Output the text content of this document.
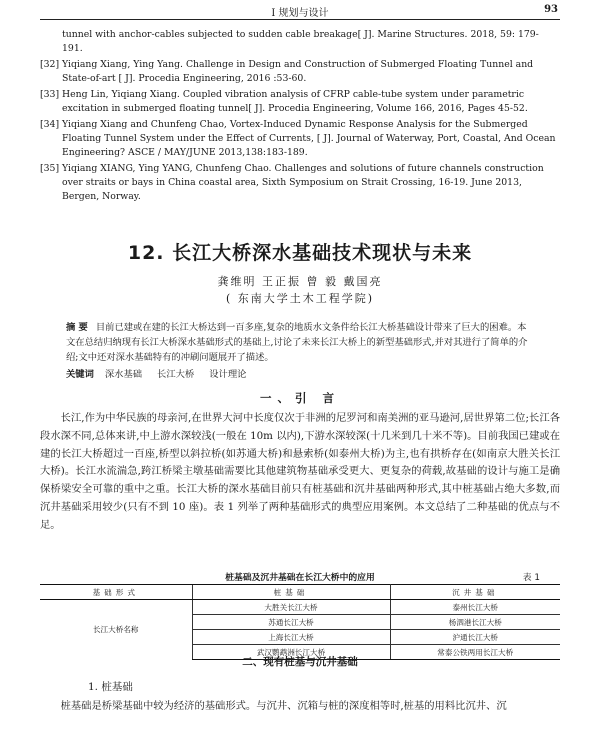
Ⅰ 规划与设计	93
tunnel with anchor-cables subjected to sudden cable breakage[ J]. Marine Structures. 2018, 59: 179-191.
[32] Yiqiang Xiang, Ying Yang. Challenge in Design and Construction of Submerged Floating Tunnel and State-of-art [ J]. Procedia Engineering, 2016 :53-60.
[33] Heng Lin, Yiqiang Xiang. Coupled vibration analysis of CFRP cable-tube system under parametric excitation in submerged floating tunnel[ J]. Procedia Engineering, Volume 166, 2016, Pages 45-52.
[34] Yiqiang Xiang and Chunfeng Chao, Vortex-Induced Dynamic Response Analysis for the Submerged Floating Tunnel System under the Effect of Currents, [ J]. Journal of Waterway, Port, Coastal, And Ocean Engineering? ASCE / MAY/JUNE 2013,138:183-189.
[35] Yiqiang XIANG, Ying YANG, Chunfeng Chao. Challenges and solutions of future channels construction over straits or bays in China coastal area, Sixth Symposium on Strait Crossing, 16-19. June 2013, Bergen, Norway.
12. 长江大桥深水基础技术现状与未来
龚维明 王正振 曾 毅 戴国亮
( 东南大学土木工程学院)
摘 要 目前已建或在建的长江大桥达到一百多座,复杂的地质水文条件给长江大桥基础设计带来了巨大的困难。本文在总结归纳现有长江大桥深水基础形式的基础上,讨论了未来长江大桥上的新型基础形式,并对其进行了简单的介绍;文中还对深水基础特有的冲刷问题展开了描述。
关键词 深水基础 长江大桥 设计理论
一、引 言
长江,作为中华民族的母亲河,在世界大河中长度仅次于非洲的尼罗河和南美洲的亚马逊河,居世界第二位;长江各段水深不同,总体来讲,中上游水深较浅(一般在 10m 以内),下游水深较深(十几米到几十米不等)。目前我国已建或在建的长江大桥超过一百座,桥型以斜拉桥(如苏通大桥)和悬索桥(如泰州大桥)为主,也有拱桥存在(如南京大胜关长江大桥)。长江水流湍急,跨江桥梁主墩基础需要比其他建筑物基础承受更大、更复杂的荷载,故基础的设计与施工是确保桥梁安全可靠的重中之重。长江大桥的深水基础目前只有桩基础和沉井基础两种形式,其中桩基础占绝大多数,而沉井基础采用较少(只有不到 10 座)。表 1 列举了两种基础形式的典型应用案例。本文总结了二种基础的优点与不足。
桩基础及沉井基础在长江大桥中的应用	表 1
基础形式	桩基础	沉井基础
长江大桥名称	大胜关长江大桥	泰州长江大桥
	苏通长江大桥	杨泗港长江大桥
	上海长江大桥	沪通长江大桥
	武汉鹦鹉洲长江大桥	常泰公铁两用长江大桥
二、现有桩基与沉井基础
1. 桩基础
桩基础是桥梁基础中较为经济的基础形式。与沉井、沉箱与桩的深度相等时,桩基的用料比沉井、沉
